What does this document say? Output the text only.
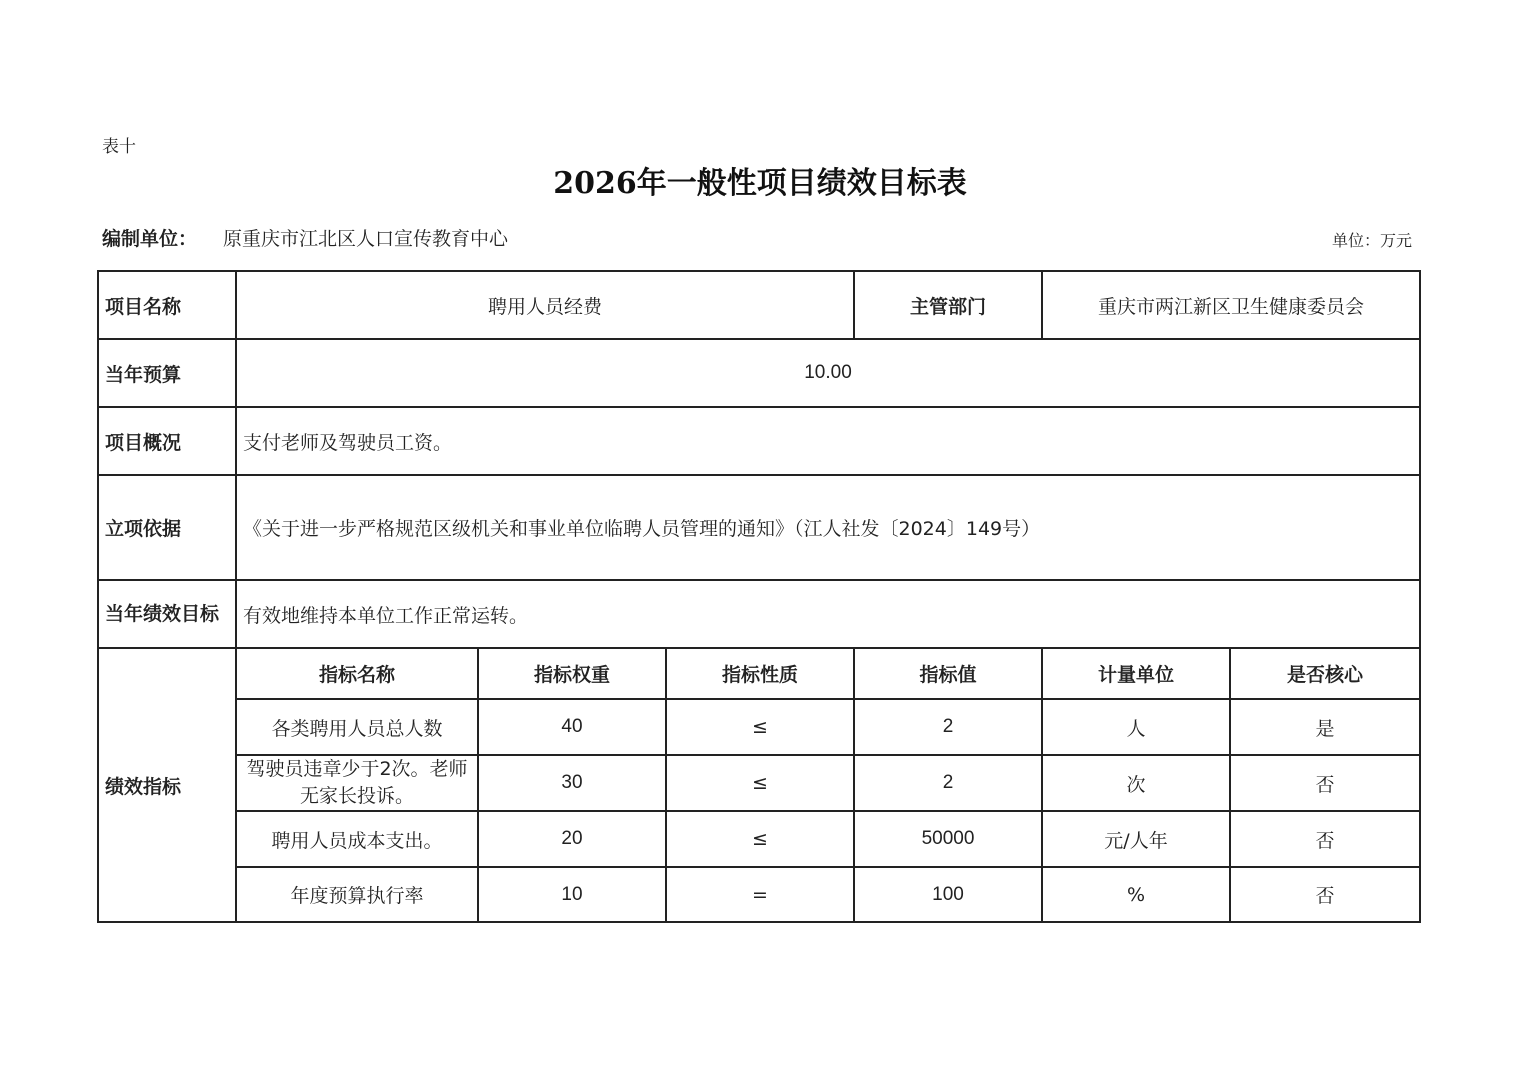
表十
2026年一般性项目绩效目标表
编制单位： 原重庆市江北区人口宣传教育中心	单位：万元
项目名称	聘用人员经费			主管部门	重庆市两江新区卫生健康委员会	
当年预算	10.00					
项目概况	支付老师及驾驶员工资。					
立项依据	《关于进一步严格规范区级机关和事业单位临聘人员管理的通知》（江人社发〔2024〕149号）					
当年绩效目标	有效地维持本单位工作正常运转。					
绩效指标	指标名称	指标权重	指标性质	指标值	计量单位	是否核心
	各类聘用人员总人数	40	≤	2	人	是
	驾驶员违章少于2次。老师无家长投诉。	30	≤	2	次	否
	聘用人员成本支出。	20	≤	50000	元/人年	否
	年度预算执行率	10	=	100	%	否
